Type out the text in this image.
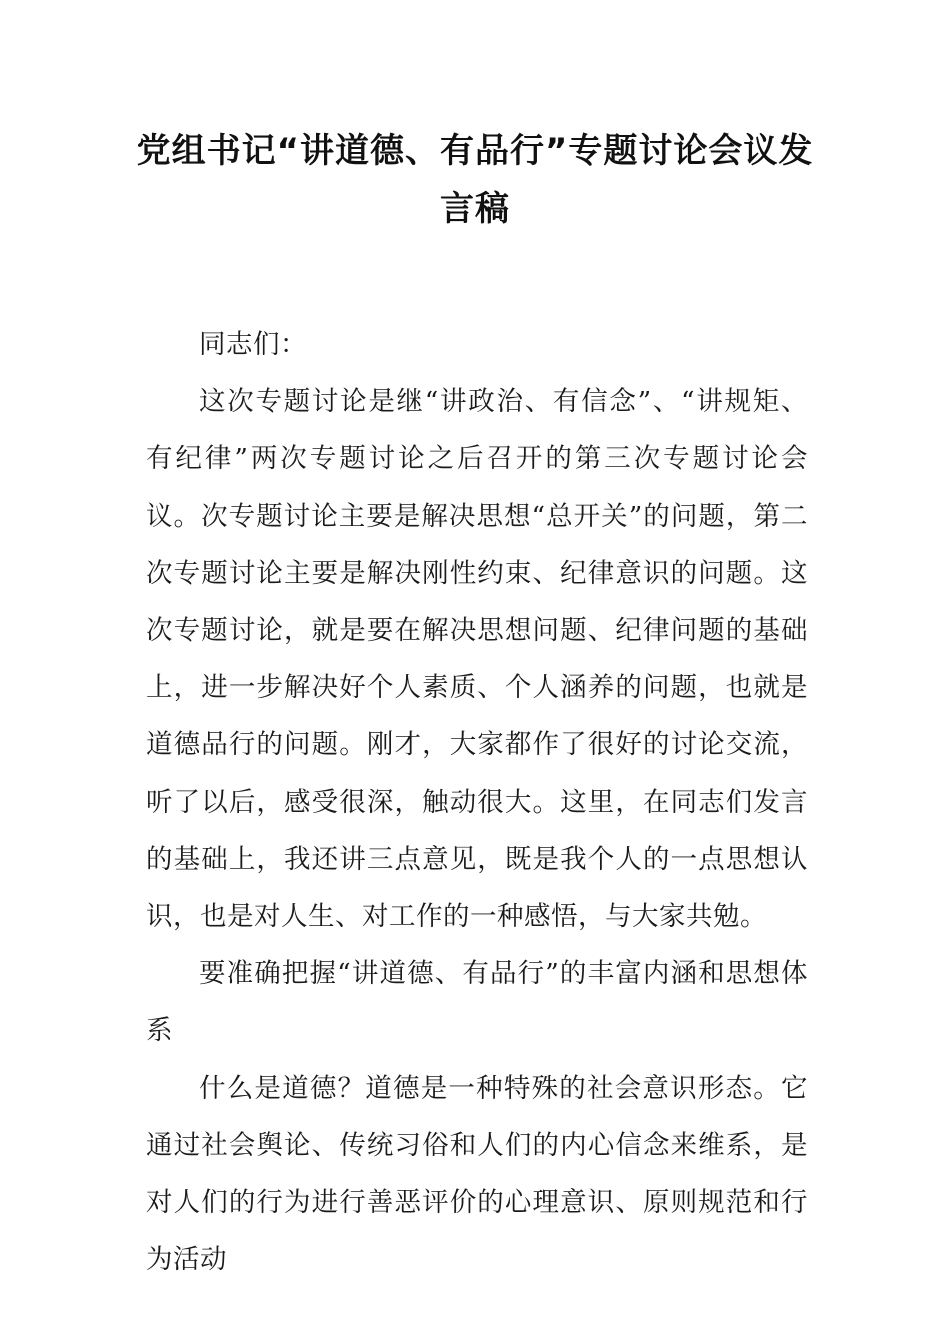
党组书记“讲道德、有品行”专题讨论会议发言稿

同志们：

这次专题讨论是继“讲政治、有信念”、“讲规矩、有纪律”两次专题讨论之后召开的第三次专题讨论会议。次专题讨论主要是解决思想“总开关”的问题，第二次专题讨论主要是解决刚性约束、纪律意识的问题。这次专题讨论，就是要在解决思想问题、纪律问题的基础上，进一步解决好个人素质、个人涵养的问题，也就是道德品行的问题。刚才，大家都作了很好的讨论交流，听了以后，感受很深，触动很大。这里，在同志们发言的基础上，我还讲三点意见，既是我个人的一点思想认识，也是对人生、对工作的一种感悟，与大家共勉。

要准确把握“讲道德、有品行”的丰富内涵和思想体系

什么是道德？道德是一种特殊的社会意识形态。它通过社会舆论、传统习俗和人们的内心信念来维系，是对人们的行为进行善恶评价的心理意识、原则规范和行为活动
